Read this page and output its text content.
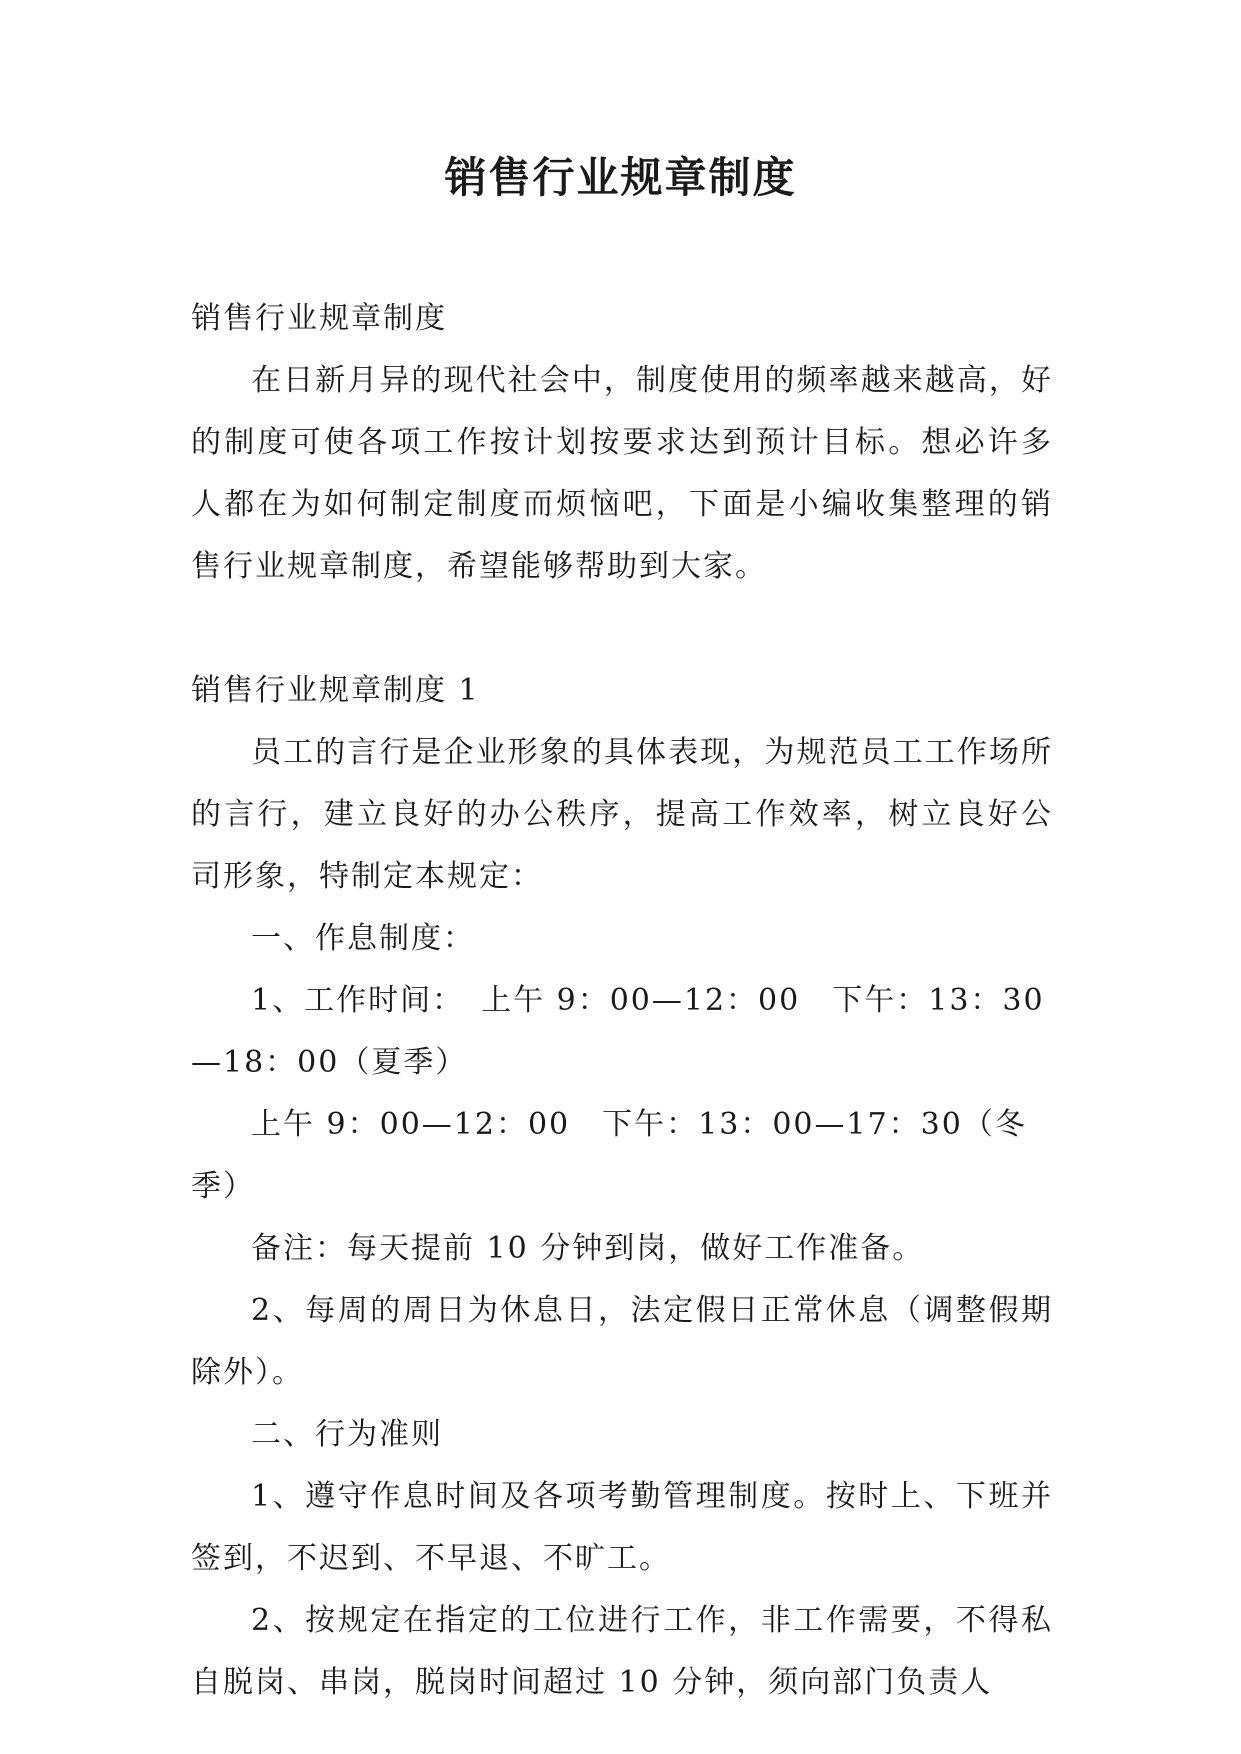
销售行业规章制度

销售行业规章制度

在日新月异的现代社会中，制度使用的频率越来越高，好的制度可使各项工作按计划按要求达到预计目标。想必许多人都在为如何制定制度而烦恼吧，下面是小编收集整理的销售行业规章制度，希望能够帮助到大家。

销售行业规章制度 1

员工的言行是企业形象的具体表现，为规范员工工作场所的言行，建立良好的办公秩序，提高工作效率，树立良好公司形象，特制定本规定：

一、作息制度：

1、工作时间：　上午 9：00—12：00　下午：13：30—18：00（夏季）

上午 9：00—12：00　下午：13：00—17：30（冬季）

备注：每天提前 10 分钟到岗，做好工作准备。

2、每周的周日为休息日，法定假日正常休息（调整假期除外）。

二、行为准则

1、遵守作息时间及各项考勤管理制度。按时上、下班并签到，不迟到、不早退、不旷工。

2、按规定在指定的工位进行工作，非工作需要，不得私自脱岗、串岗，脱岗时间超过 10 分钟，须向部门负责人
